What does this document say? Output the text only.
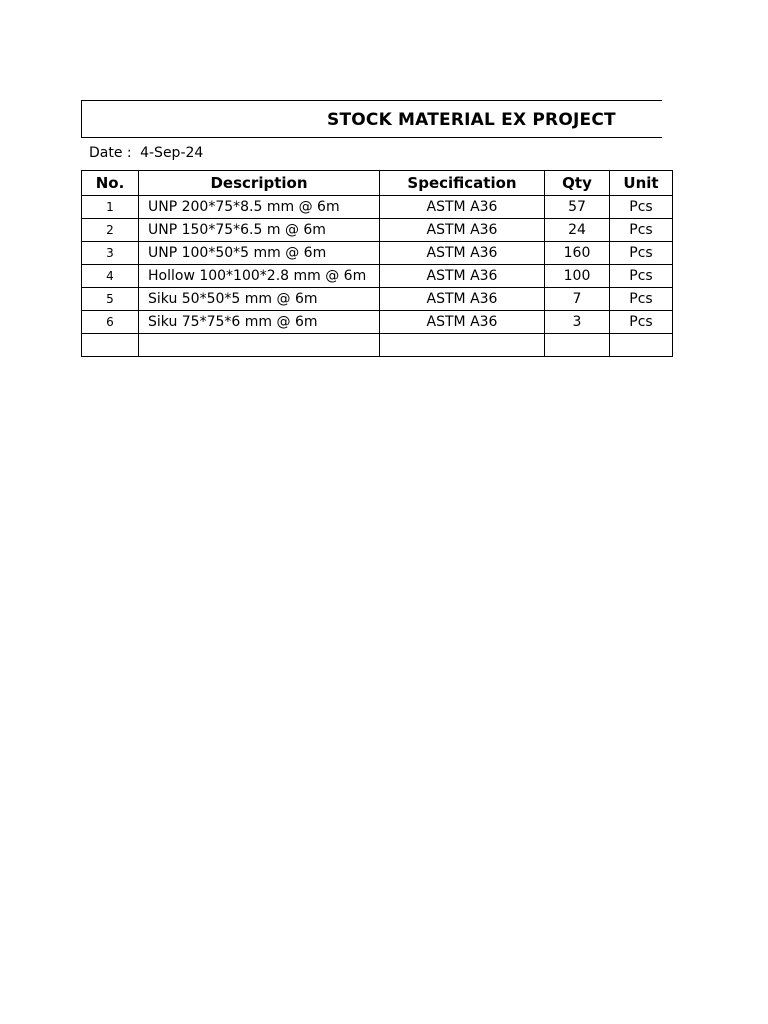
STOCK MATERIAL EX PROJECT
Date : 4-Sep-24
No.	Description	Specification	Qty	Unit
1	UNP 200*75*8.5 mm @ 6m	ASTM A36	57	Pcs
2	UNP 150*75*6.5 m @ 6m	ASTM A36	24	Pcs
3	UNP 100*50*5 mm @ 6m	ASTM A36	160	Pcs
4	Hollow 100*100*2.8 mm @ 6m	ASTM A36	100	Pcs
5	Siku 50*50*5 mm @ 6m	ASTM A36	7	Pcs
6	Siku 75*75*6 mm @ 6m	ASTM A36	3	Pcs
